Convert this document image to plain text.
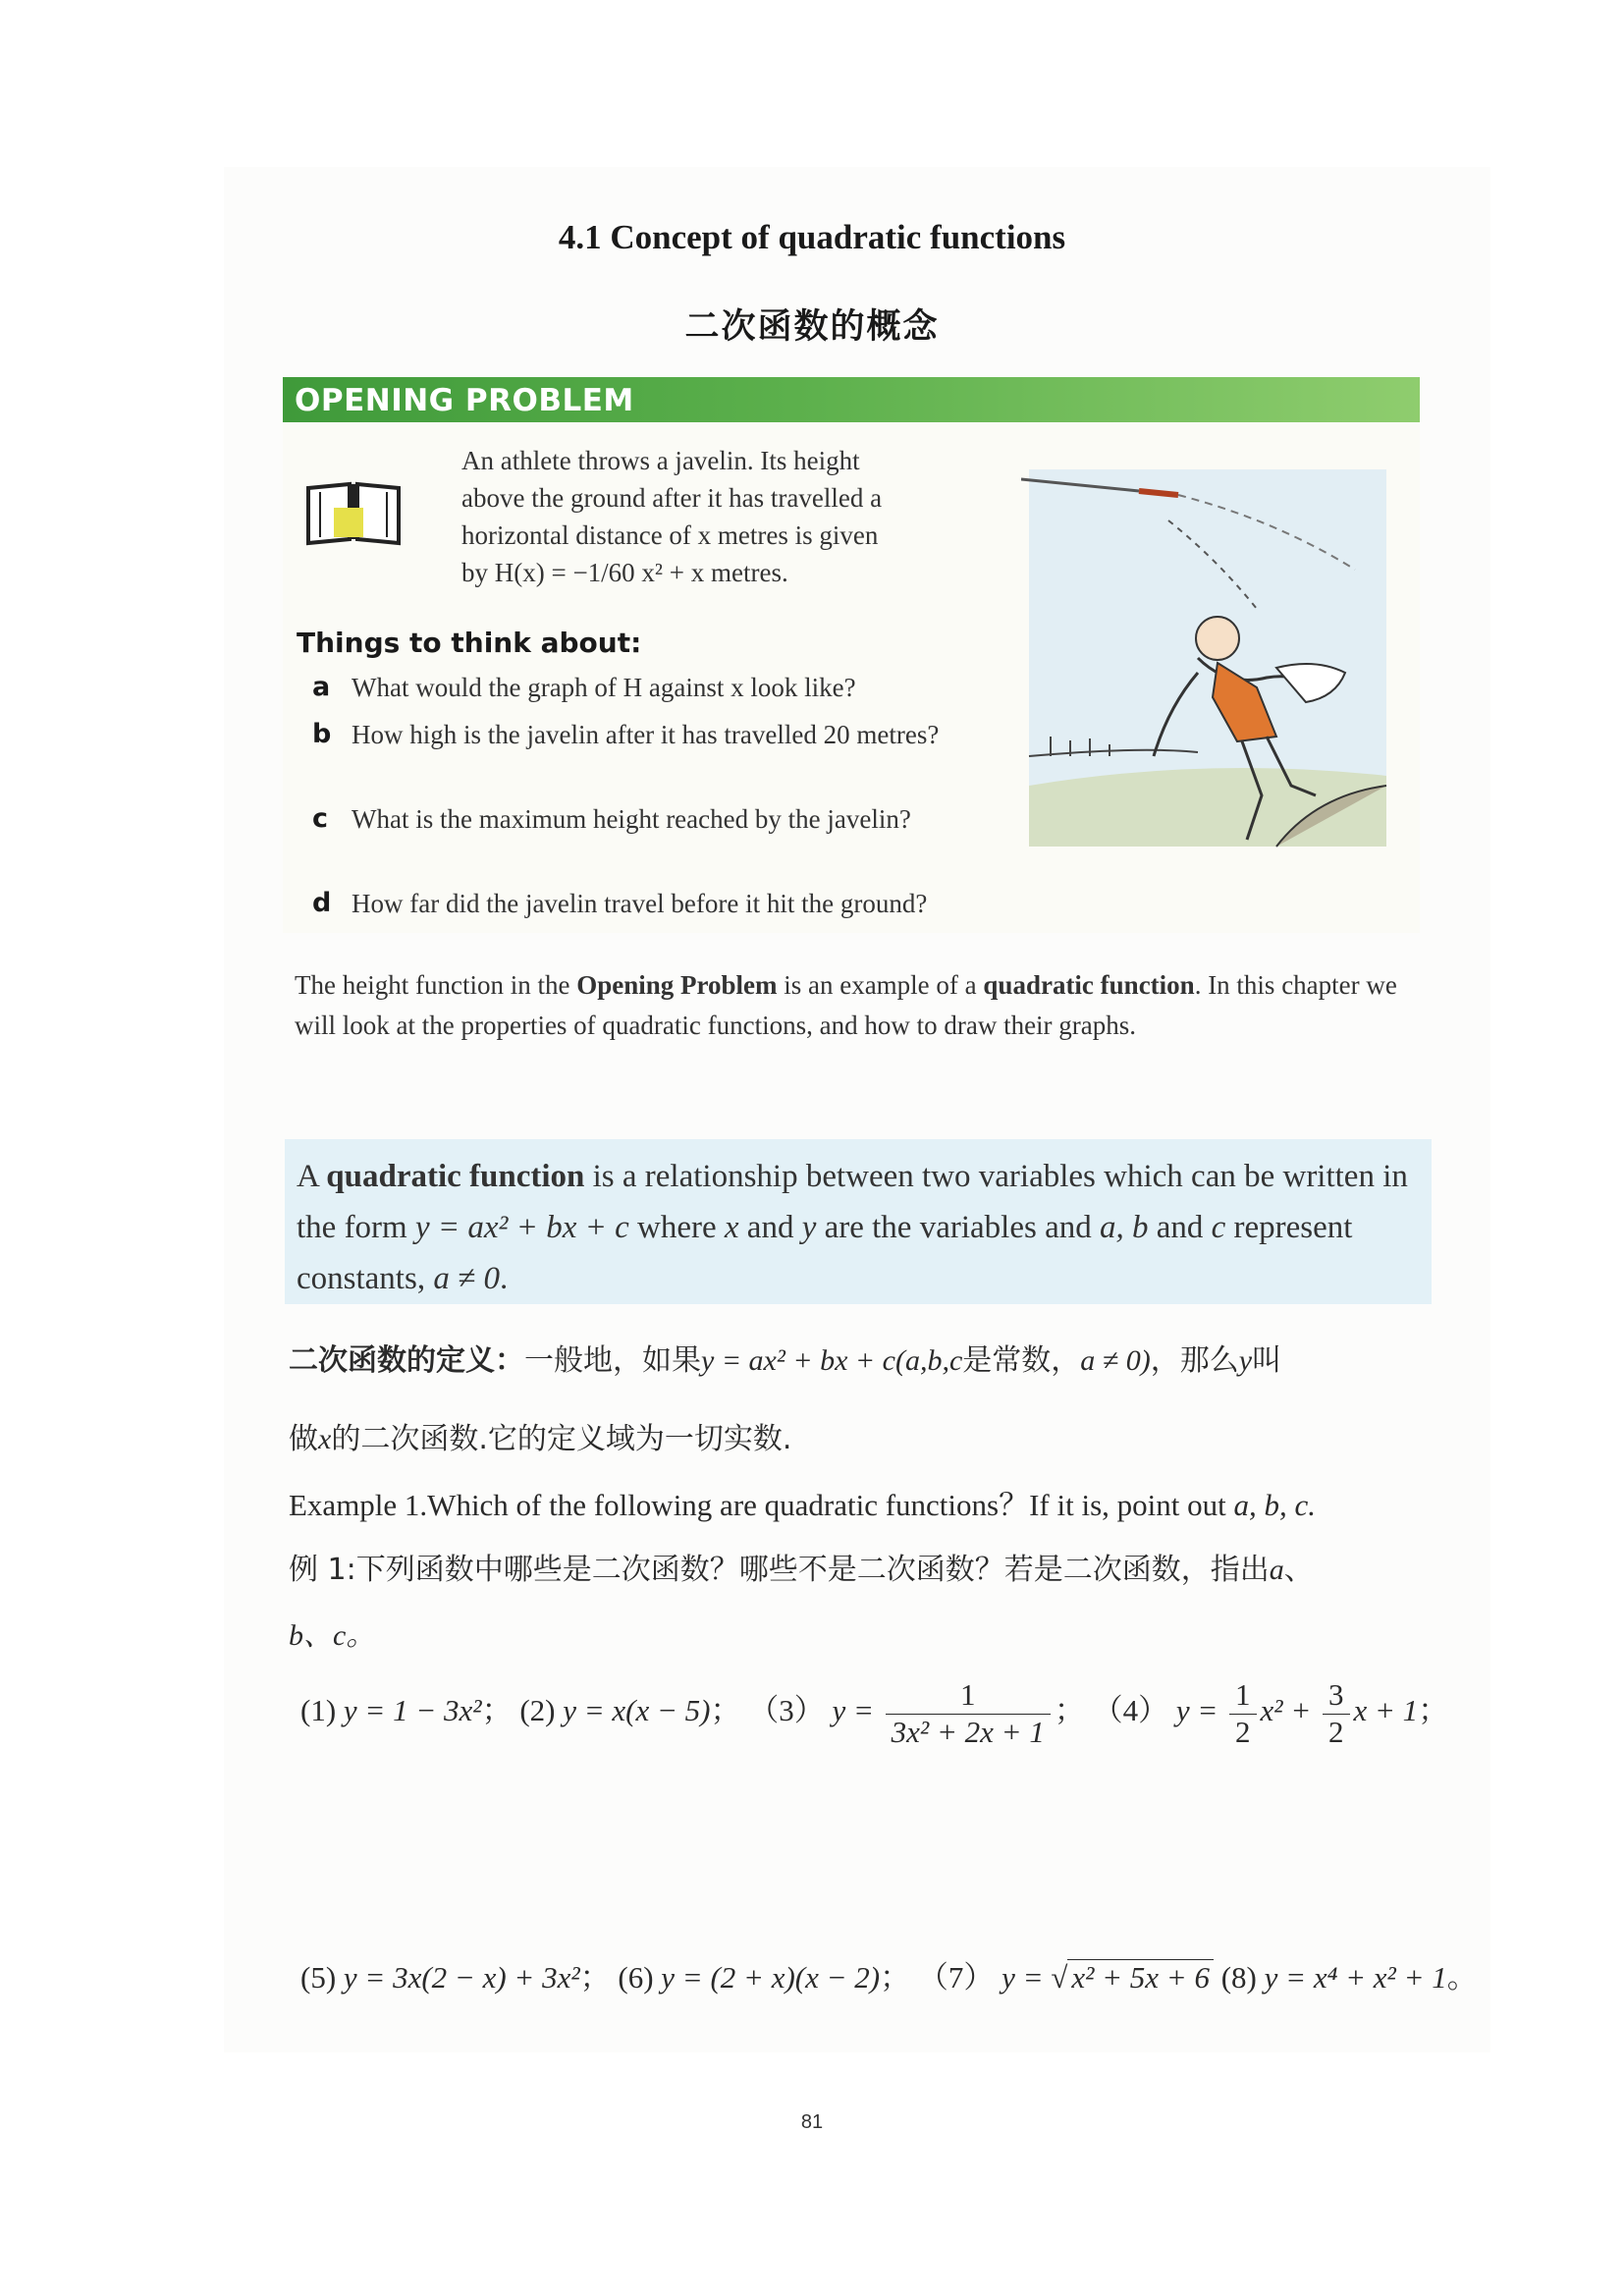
4.1 Concept of quadratic functions
二次函数的概念
OPENING PROBLEM
An athlete throws a javelin. Its height
above the ground after it has travelled a
horizontal distance of x metres is given
by H(x) = −1/60 x² + x metres.
Things to think about:
a What would the graph of H against x look like?
b How high is the javelin after it has travelled 20 metres?
c What is the maximum height reached by the javelin?
d How far did the javelin travel before it hit the ground?
The height function in the Opening Problem is an example of a quadratic function. In this chapter we will look at the properties of quadratic functions, and how to draw their graphs.
A quadratic function is a relationship between two variables which can be written in the form y = ax² + bx + c where x and y are the variables and a, b and c represent constants, a ≠ 0.
二次函数的定义：一般地，如果y = ax² + bx + c(a,b,c是常数，a ≠ 0)，那么y叫
做x的二次函数.它的定义域为一切实数.
Example 1.Which of the following are quadratic functions？If it is, point out a, b, c.
例 1:下列函数中哪些是二次函数？哪些不是二次函数？若是二次函数，指出a、
b、c。
(1) y = 1 − 3x²； (2) y = x(x − 5)； （3） $y = \frac{1}{\text{3x² + 2x + 1}}$ ； （4） $y = \frac{1}{2} x^2 + \frac{3}{2}$ x + 1；
(5) y = 3x(2 − x) + 3x²； (6) y = (2 + x)(x − 2)； （7） y = √ x² + 5x + 6 (8) y = x⁴ + x² + 1。
81
